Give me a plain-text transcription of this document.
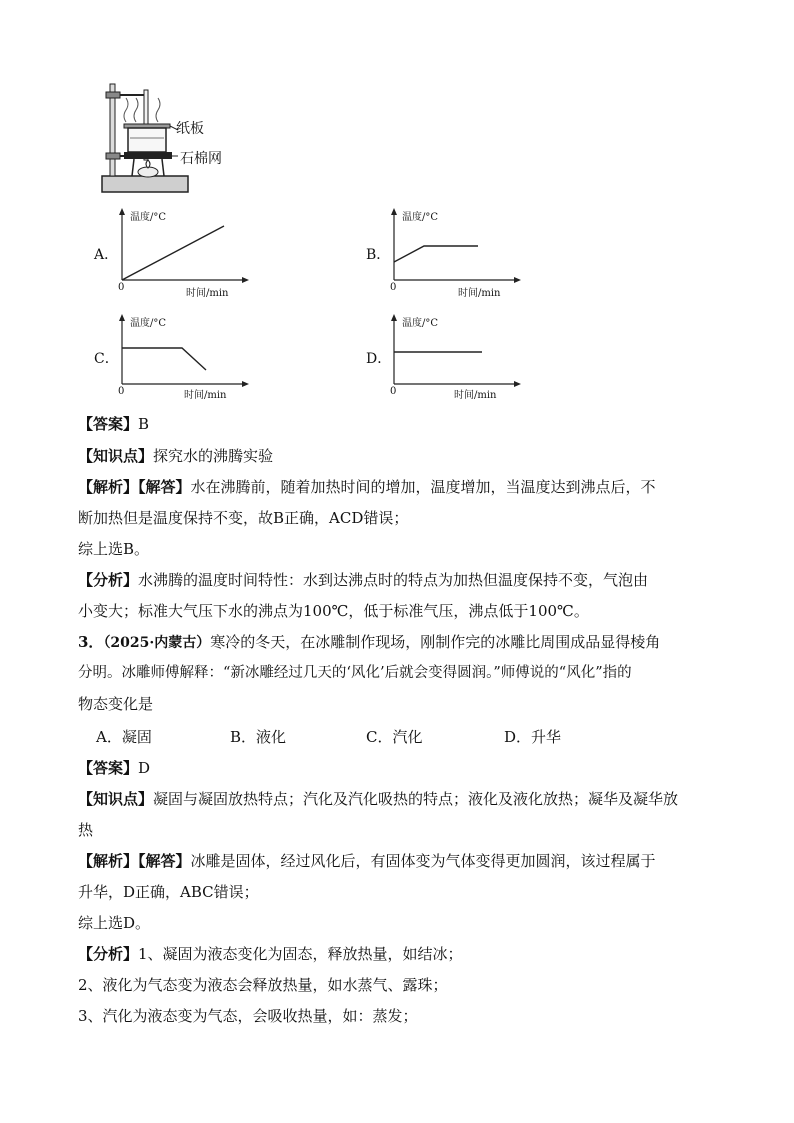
纸板
石棉网
A．
温度/°C
时间/min
0
B．
温度/°C
时间/min
0
C．
温度/°C
时间/min
0
D．
温度/°C
时间/min
0
【答案】B
【知识点】探究水的沸腾实验
【解析】【解答】水在沸腾前，随着加热时间的增加，温度增加，当温度达到沸点后，不
断加热但是温度保持不变，故B正确，ACD错误；
综上选B。
【分析】水沸腾的温度时间特性：水到达沸点时的特点为加热但温度保持不变，气泡由
小变大；标准大气压下水的沸点为100℃，低于标准气压，沸点低于100℃。
3．（2025·内蒙古）寒冷的冬天，在冰雕制作现场，刚制作完的冰雕比周围成品显得棱角
分明。冰雕师傅解释：“新冰雕经过几天的‘风化’后就会变得圆润。”师傅说的“风化”指的
物态变化是
A．凝固	B．液化	C．汽化	D．升华
【答案】D
【知识点】凝固与凝固放热特点；汽化及汽化吸热的特点；液化及液化放热；凝华及凝华放
热
【解析】【解答】冰雕是固体，经过风化后，有固体变为气体变得更加圆润，该过程属于
升华，D正确，ABC错误；
综上选D。
【分析】1、凝固为液态变化为固态，释放热量，如结冰；
2、液化为气态变为液态会释放热量，如水蒸气、露珠；
3、汽化为液态变为气态，会吸收热量，如：蒸发；
